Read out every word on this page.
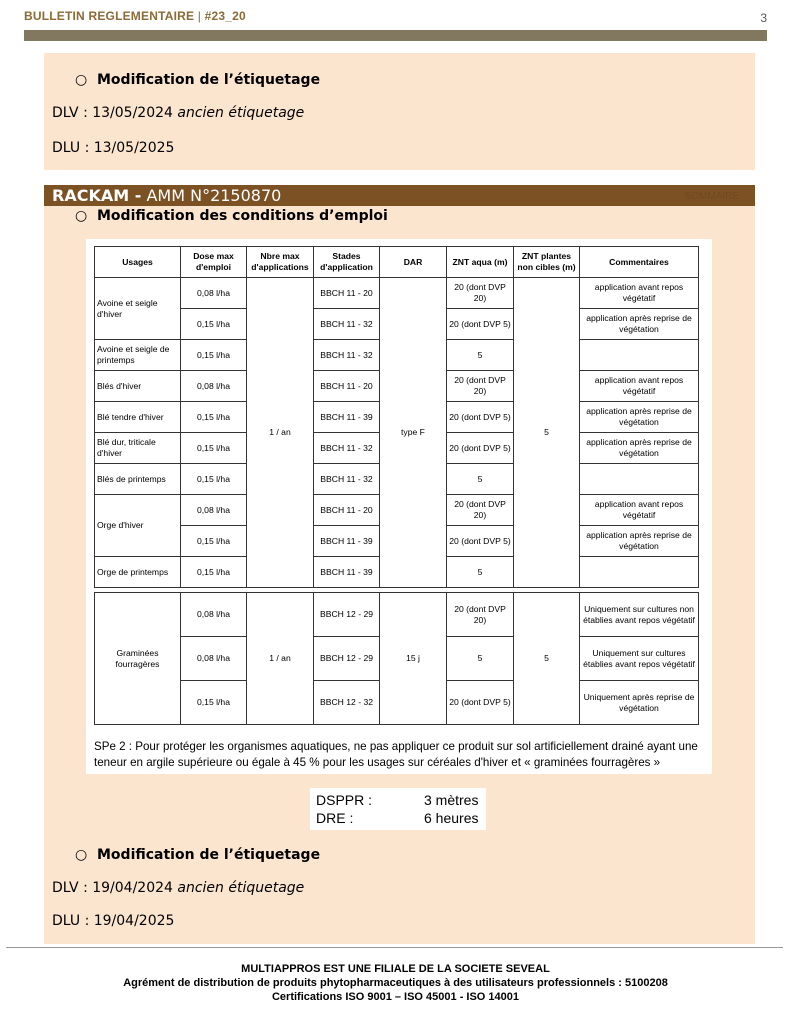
BULLETIN REGLEMENTAIRE | #23_20	3
○ Modification de l’étiquetage
DLV : 13/05/2024 ancien étiquetage
DLU : 13/05/2025
RACKAM - AMM N°2150870	SOMMAIRE
○ Modification des conditions d’emploi
Usages	Dose max d'emploi	Nbre max d'applications	Stades d'application	DAR	ZNT aqua (m)	ZNT plantes non cibles (m)	Commentaires
Avoine et seigle d'hiver	0,08 l/ha	1 / an	BBCH 11 - 20	type F	20 (dont DVP 20)	5	application avant repos végétatif
	0,15 l/ha		BBCH 11 - 32		20 (dont DVP 5)		application après reprise de végétation
Avoine et seigle de printemps	0,15 l/ha		BBCH 11 - 32		5		
Blés d'hiver	0,08 l/ha		BBCH 11 - 20		20 (dont DVP 20)		application avant repos végétatif
Blé tendre d'hiver	0,15 l/ha		BBCH 11 - 39		20 (dont DVP 5)		application après reprise de végétation
Blé dur, triticale d'hiver	0,15 l/ha		BBCH 11 - 32		20 (dont DVP 5)		application après reprise de végétation
Blés de printemps	0,15 l/ha		BBCH 11 - 32		5		
Orge d'hiver	0,08 l/ha		BBCH 11 - 20		20 (dont DVP 20)		application avant repos végétatif
	0,15 l/ha		BBCH 11 - 39		20 (dont DVP 5)		application après reprise de végétation
Orge de printemps	0,15 l/ha		BBCH 11 - 39		5		

Graminées fourragères	0,08 l/ha	1 / an	BBCH 12 - 29	15 j	20 (dont DVP 20)	5	Uniquement sur cultures non établies avant repos végétatif
	0,08 l/ha		BBCH 12 - 29		5		Uniquement sur cultures établies avant repos végétatif
	0,15 l/ha		BBCH 12 - 32		20 (dont DVP 5)		Uniquement après reprise de végétation
SPe 2 : Pour protéger les organismes aquatiques, ne pas appliquer ce produit sur sol artificiellement drainé ayant une teneur en argile supérieure ou égale à 45 % pour les usages sur céréales d'hiver et « graminées fourragères »
DSPPR :	3 mètres
DRE :	6 heures
○ Modification de l’étiquetage
DLV : 19/04/2024 ancien étiquetage
DLU : 19/04/2025
MULTIAPPROS EST UNE FILIALE DE LA SOCIETE SEVEAL
Agrément de distribution de produits phytopharmaceutiques à des utilisateurs professionnels : 5100208
Certifications ISO 9001 – ISO 45001 - ISO 14001
